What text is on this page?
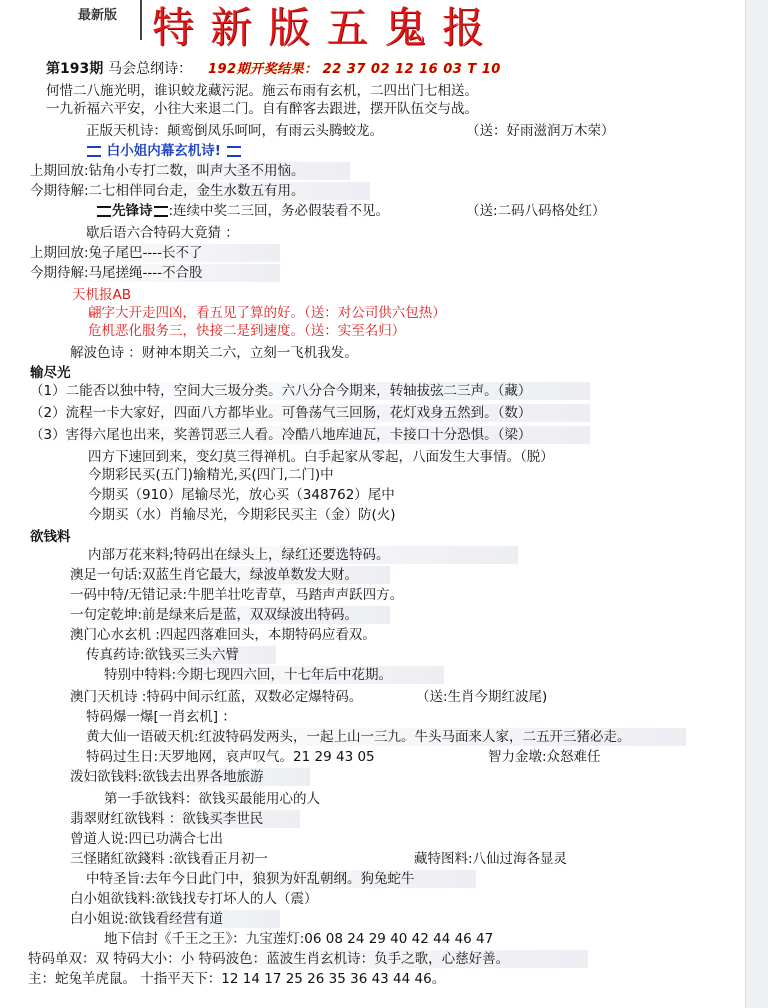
最新版 特新版五鬼报
第193期 马会总纲诗： 192期开奖结果： 22 37 02 12 16 03 T 10
何惜二八施光明，谁识蛟龙藏污泥。施云布雨有玄机，二四出门七相送。
一九祈福六平安，小往大来退二门。自有醉客去跟进，摆开队伍交与战。
正版天机诗：颠鸾倒凤乐呵呵，有雨云头腾蛟龙。	（送：好雨滋润万木荣）
白小姐内幕玄机诗!
上期回放:钻角小专打二数，叫声大圣不用恼。
今期待解:二七相伴同台走，金生水数五有用。
先锋诗 :连续中奖二三回，务必假装看不见。	（送:二码八码格处红）
歇后语六合特码大竟猜 ：
上期回放:兔子尾巴----长不了
今期待解:马尾搓绳----不合股
天机报AB
翩字大开走四凶，看五见了算的好。（送：对公司供六包热）
危机恶化服务三，快接二是到速度。（送：实至名归）
解波色诗 ：财神本期关二六，立刻一飞机我发。
输尽光
（1）二能否以独中特，空间大三圾分类。六八分合今期来，转轴拔弦二三声。（藏）
（2）流程一卡大家好，四面八方都毕业。可鲁荡气三回肠，花灯戏身五然到。（数）
（3）害得六尾也出来，奖善罚恶三人看。冷酷八地库迪瓦，卡接口十分恐惧。（梁）
四方下速回到来，变幻莫三得禅机。白手起家从零起，八面发生大事情。（脱）
今期彩民买(五门)输精光,买(四门,二门)中
今期买（910）尾输尽光，放心买（348762）尾中
今期买（水）肖输尽光，今期彩民买主（金）防(火)
欲钱料
内部万花来料;特码出在绿头上，绿红还要选特码。
澳足一句话:双蓝生肖它最大，绿波单数发大财。
一码中特/无错记录:牛肥羊壮吃青草，马踏声声跃四方。
一句定乾坤:前是绿来后是蓝，双双绿波出特码。
澳门心水玄机 :四起四落难回头，本期特码应看双。
传真药诗:欲钱买三头六臂
特别中特料:今期七现四六回，十七年后中花期。
澳门天机诗 :特码中间示红蓝，双数必定爆特码。	（送:生肖今期红波尾)
特码爆一爆[一肖玄机] ：
黄大仙一语破天机:红波特码发两头，一起上山一三九。牛头马面来人家，二五开三猪必走。
特码过生日:天罗地网，哀声叹气。21 29 43 05	智力金墩:众怒难任
泼妇欲钱料:欲钱去出界各地旅游
第一手欲钱料：欲钱买最能用心的人
翡翠财红欲钱料 ：欲钱买李世民
曾道人说:四已功满合七出
三怪賭紅欲錢料 :欲钱看正月初一	藏特图料:八仙过海各显灵
中特圣旨:去年今日此门中，狼狈为奸乱朝纲。狗兔蛇牛
白小姐欲钱料:欲钱找专打坏人的人（震）
白小姐说:欲钱看经营有道
地下信封《千王之王》：九宝莲灯:06 08 24 29 40 42 44 46 47
特码单双：双 特码大小：小 特码波色：蓝波生肖玄机诗：负手之歌，心慈好善。
主：蛇兔羊虎鼠。 十指平天下：12 14 17 25 26 35 36 43 44 46。
